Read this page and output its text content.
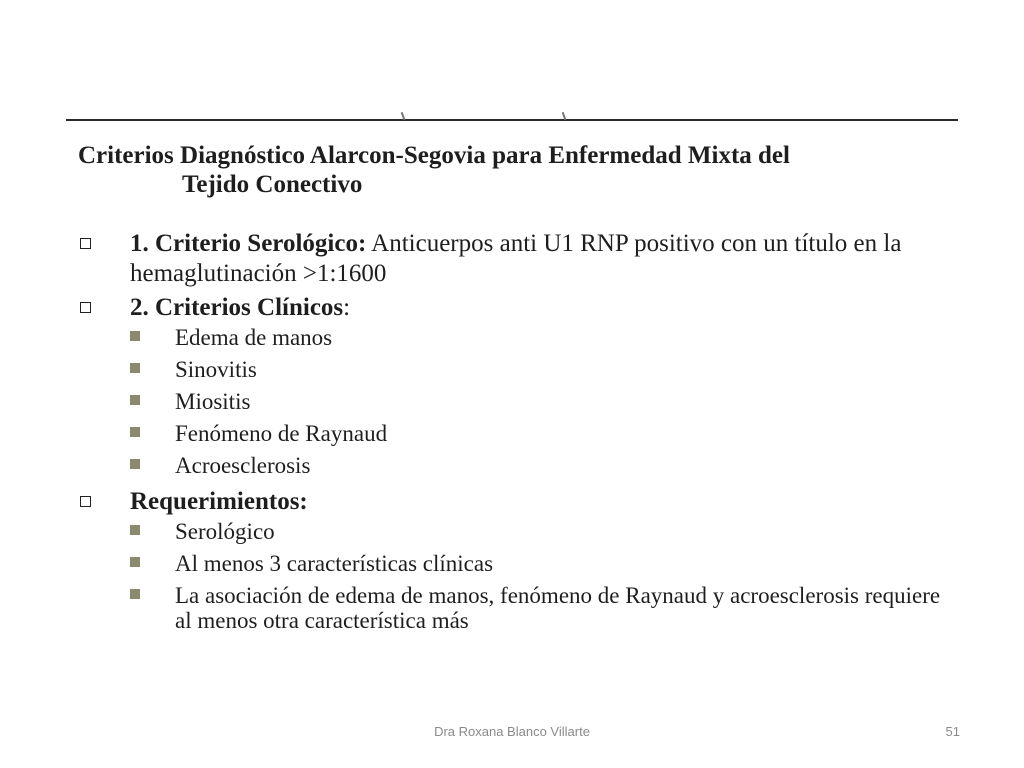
Criterios Diagnóstico Alarcon-Segovia para Enfermedad Mixta del
Tejido Conectivo
1. Criterio Serológico: Anticuerpos anti U1 RNP positivo con un título en la hemaglutinación >1:1600
2. Criterios Clínicos:
Edema de manos
Sinovitis
Miositis
Fenómeno de Raynaud
Acroesclerosis
Requerimientos:
Serológico
Al menos 3 características clínicas
La asociación de edema de manos, fenómeno de Raynaud y acroesclerosis requiere al menos otra característica más
Dra Roxana Blanco Villarte	51
